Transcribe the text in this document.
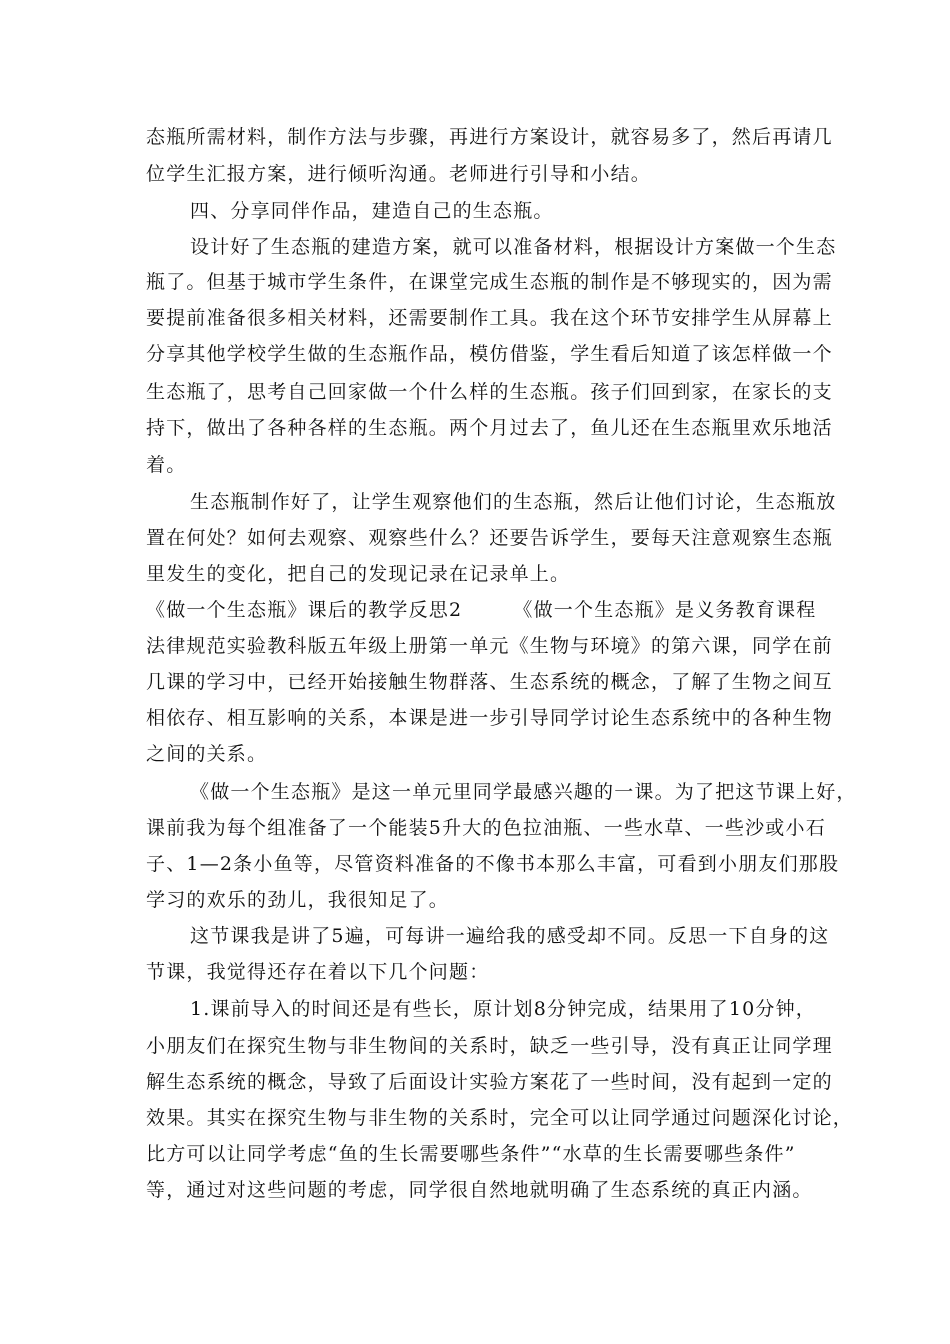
态瓶所需材料，制作方法与步骤，再进行方案设计，就容易多了，然后再请几
位学生汇报方案，进行倾听沟通。老师进行引导和小结。
四、分享同伴作品，建造自己的生态瓶。
设计好了生态瓶的建造方案，就可以准备材料，根据设计方案做一个生态
瓶了。但基于城市学生条件，在课堂完成生态瓶的制作是不够现实的，因为需
要提前准备很多相关材料，还需要制作工具。我在这个环节安排学生从屏幕上
分享其他学校学生做的生态瓶作品，模仿借鉴，学生看后知道了该怎样做一个
生态瓶了，思考自己回家做一个什么样的生态瓶。孩子们回到家，在家长的支
持下，做出了各种各样的生态瓶。两个月过去了，鱼儿还在生态瓶里欢乐地活
着。
生态瓶制作好了，让学生观察他们的生态瓶，然后让他们讨论，生态瓶放
置在何处？如何去观察、观察些什么？还要告诉学生，要每天注意观察生态瓶
里发生的变化，把自己的发现记录在记录单上。
《做一个生态瓶》课后的教学反思2　　　《做一个生态瓶》是义务教育课程
法律规范实验教科版五年级上册第一单元《生物与环境》的第六课，同学在前
几课的学习中，已经开始接触生物群落、生态系统的概念，了解了生物之间互
相依存、相互影响的关系，本课是进一步引导同学讨论生态系统中的各种生物
之间的关系。
《做一个生态瓶》是这一单元里同学最感兴趣的一课。为了把这节课上好，
课前我为每个组准备了一个能装5升大的色拉油瓶、一些水草、一些沙或小石
子、1—2条小鱼等，尽管资料准备的不像书本那么丰富，可看到小朋友们那股
学习的欢乐的劲儿，我很知足了。
这节课我是讲了5遍，可每讲一遍给我的感受却不同。反思一下自身的这
节课，我觉得还存在着以下几个问题：
1.课前导入的时间还是有些长，原计划8分钟完成，结果用了10分钟，
小朋友们在探究生物与非生物间的关系时，缺乏一些引导，没有真正让同学理
解生态系统的概念，导致了后面设计实验方案花了一些时间，没有起到一定的
效果。其实在探究生物与非生物的关系时，完全可以让同学通过问题深化讨论，
比方可以让同学考虑“鱼的生长需要哪些条件”“水草的生长需要哪些条件”
等，通过对这些问题的考虑，同学很自然地就明确了生态系统的真正内涵。
